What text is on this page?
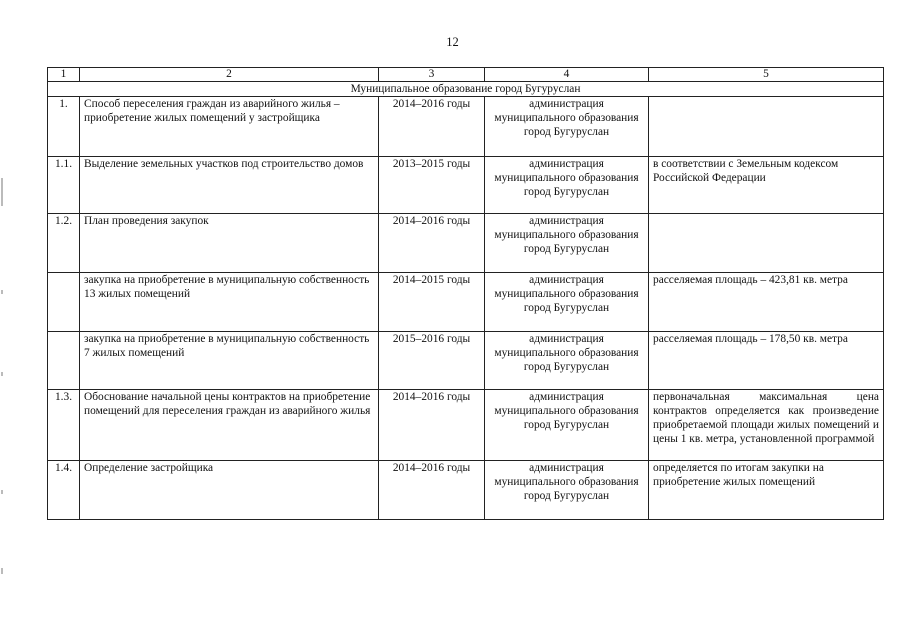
12
1	2	3	4	5
Муниципальное образование город Бугуруслан				
1.	Способ переселения граждан из аварийного жилья – приобретение жилых помещений у застройщика	2014–2016 годы	администрация муниципального образования город Бугуруслан	
1.1.	Выделение земельных участков под строительство домов	2013–2015 годы	администрация муниципального образования город Бугуруслан	в соответствии с Земельным кодексом Российской Федерации
1.2.	План проведения закупок	2014–2016 годы	администрация муниципального образования город Бугуруслан	
	закупка на приобретение в муниципальную собственность 13 жилых помещений	2014–2015 годы	администрация муниципального образования город Бугуруслан	расселяемая площадь – 423,81 кв. метра
	закупка на приобретение в муниципальную собственность 7 жилых помещений	2015–2016 годы	администрация муниципального образования город Бугуруслан	расселяемая площадь – 178,50 кв. метра
1.3.	Обоснование начальной цены контрактов на приобретение помещений для переселения граждан из аварийного жилья	2014–2016 годы	администрация муниципального образования город Бугуруслан	первоначальная максимальная цена контрактов определяется как произведение приобретаемой площади жилых помещений и цены 1 кв. метра, установленной программой
1.4.	Определение застройщика	2014–2016 годы	администрация муниципального образования город Бугуруслан	определяется по итогам закупки на приобретение жилых помещений
